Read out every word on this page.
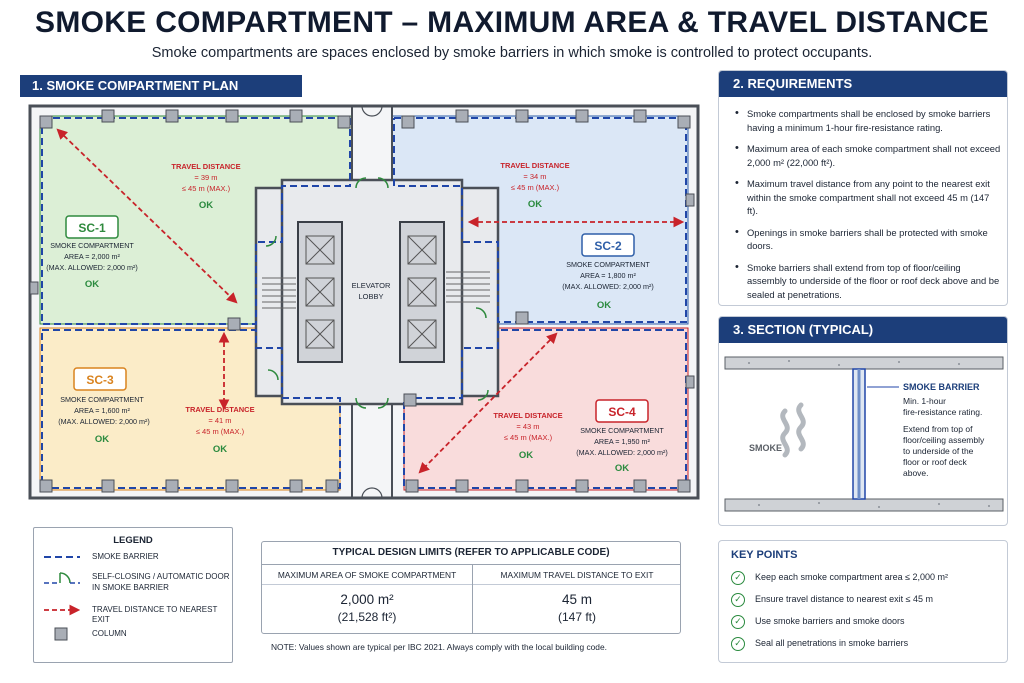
SMOKE COMPARTMENT – MAXIMUM AREA & TRAVEL DISTANCE
Smoke compartments are spaces enclosed by smoke barriers in which smoke is controlled to protect occupants.
1. SMOKE COMPARTMENT PLAN
ELEVATOR
LOBBY
SC-1
SMOKE COMPARTMENT
AREA = 2,000 m²
(MAX. ALLOWED: 2,000 m²)
OK
TRAVEL DISTANCE
= 39 m
≤ 45 m (MAX.)
OK
SC-2
SMOKE COMPARTMENT
AREA = 1,800 m²
(MAX. ALLOWED: 2,000 m²)
OK
TRAVEL DISTANCE
= 34 m
≤ 45 m (MAX.)
OK
SC-3
SMOKE COMPARTMENT
AREA = 1,600 m²
(MAX. ALLOWED: 2,000 m²)
OK
TRAVEL DISTANCE
= 41 m
≤ 45 m (MAX.)
OK
SC-4
SMOKE COMPARTMENT
AREA = 1,950 m²
(MAX. ALLOWED: 2,000 m²)
OK
TRAVEL DISTANCE
= 43 m
≤ 45 m (MAX.)
OK
2. REQUIREMENTS
• Smoke compartments shall be enclosed by smoke barriers having a minimum 1-hour fire-resistance rating.
• Maximum area of each smoke compartment shall not exceed 2,000 m² (22,000 ft²).
• Maximum travel distance from any point to the nearest exit within the smoke compartment shall not exceed 45 m (147 ft).
• Openings in smoke barriers shall be protected with smoke doors.
• Smoke barriers shall extend from top of floor/ceiling assembly to underside of the floor or roof deck above and be sealed at penetrations.
3. SECTION (TYPICAL)
SMOKE BARRIER
Min. 1-hour
fire-resistance rating.
Extend from top of
floor/ceiling assembly
to underside of the
floor or roof deck
above.
SMOKE
LEGEND
SMOKE BARRIER
SELF-CLOSING / AUTOMATIC DOOR
IN SMOKE BARRIER
TRAVEL DISTANCE TO NEAREST EXIT
COLUMN
TYPICAL DESIGN LIMITS (REFER TO APPLICABLE CODE)
MAXIMUM AREA OF SMOKE COMPARTMENT	MAXIMUM TRAVEL DISTANCE TO EXIT
2,000 m²	45 m
(21,528 ft²)	(147 ft)
NOTE: Values shown are typical per IBC 2021. Always comply with the local building code.
KEY POINTS
✓	Keep each smoke compartment area ≤ 2,000 m²
✓	Ensure travel distance to nearest exit ≤ 45 m
✓	Use smoke barriers and smoke doors
✓	Seal all penetrations in smoke barriers
